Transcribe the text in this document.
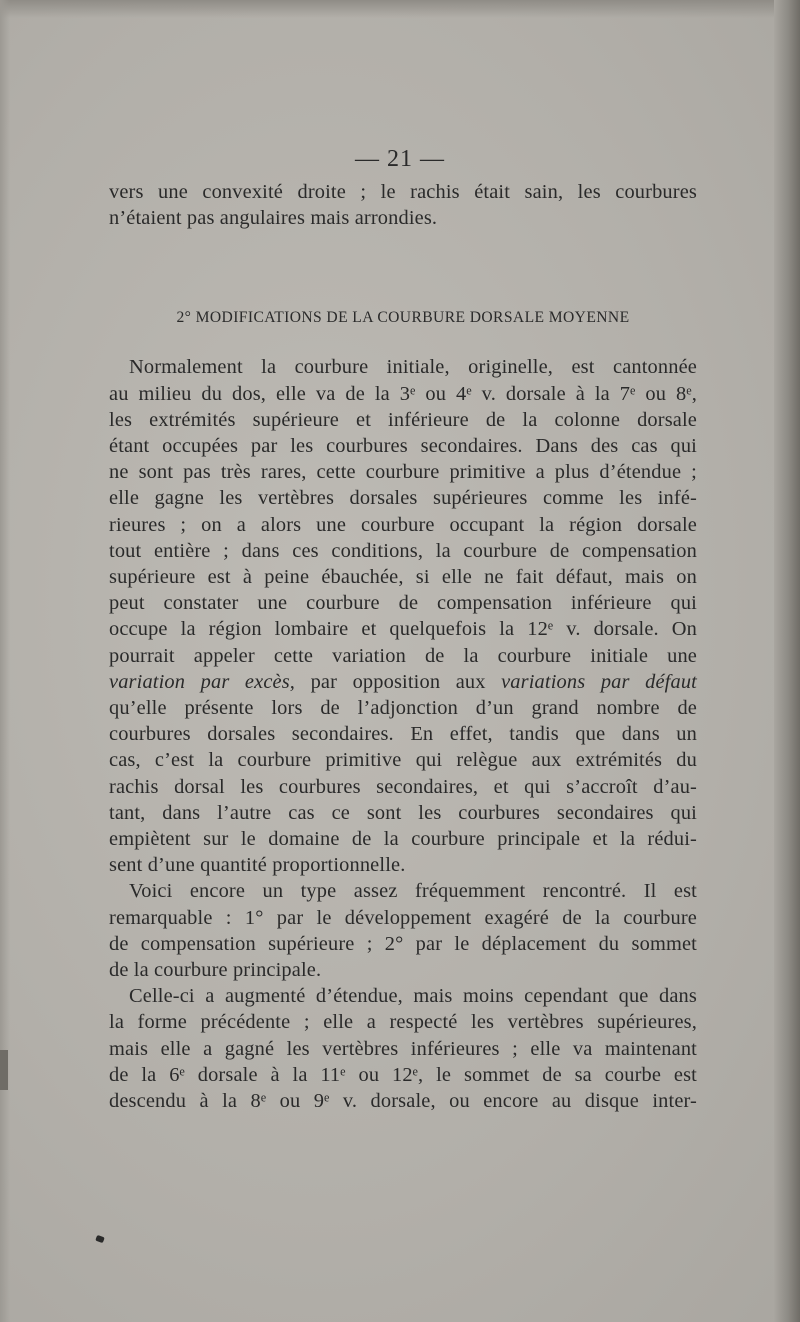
— 21 —
vers une convexité droite ; le rachis était sain, les courbures
n’étaient pas angulaires mais arrondies.
2° MODIFICATIONS DE LA COURBURE DORSALE MOYENNE
Normalement la courbure initiale, originelle, est cantonnée
au milieu du dos, elle va de la 3ᵉ ou 4ᵉ v. dorsale à la 7ᵉ ou 8ᵉ,
les extrémités supérieure et inférieure de la colonne dorsale
étant occupées par les courbures secondaires. Dans des cas qui
ne sont pas très rares, cette courbure primitive a plus d’étendue ;
elle gagne les vertèbres dorsales supérieures comme les infé-
rieures ; on a alors une courbure occupant la région dorsale
tout entière ; dans ces conditions, la courbure de compensation
supérieure est à peine ébauchée, si elle ne fait défaut, mais on
peut constater une courbure de compensation inférieure qui
occupe la région lombaire et quelquefois la 12ᵉ v. dorsale. On
pourrait appeler cette variation de la courbure initiale une
variation par excès, par opposition aux variations par défaut
qu’elle présente lors de l’adjonction d’un grand nombre de
courbures dorsales secondaires. En effet, tandis que dans un
cas, c’est la courbure primitive qui relègue aux extrémités du
rachis dorsal les courbures secondaires, et qui s’accroît d’au-
tant, dans l’autre cas ce sont les courbures secondaires qui
empiètent sur le domaine de la courbure principale et la rédui-
sent d’une quantité proportionnelle.
Voici encore un type assez fréquemment rencontré. Il est
remarquable : 1° par le développement exagéré de la courbure
de compensation supérieure ; 2° par le déplacement du sommet
de la courbure principale.
Celle-ci a augmenté d’étendue, mais moins cependant que dans
la forme précédente ; elle a respecté les vertèbres supérieures,
mais elle a gagné les vertèbres inférieures ; elle va maintenant
de la 6ᵉ dorsale à la 11ᵉ ou 12ᵉ, le sommet de sa courbe est
descendu à la 8ᵉ ou 9ᵉ v. dorsale, ou encore au disque inter-
